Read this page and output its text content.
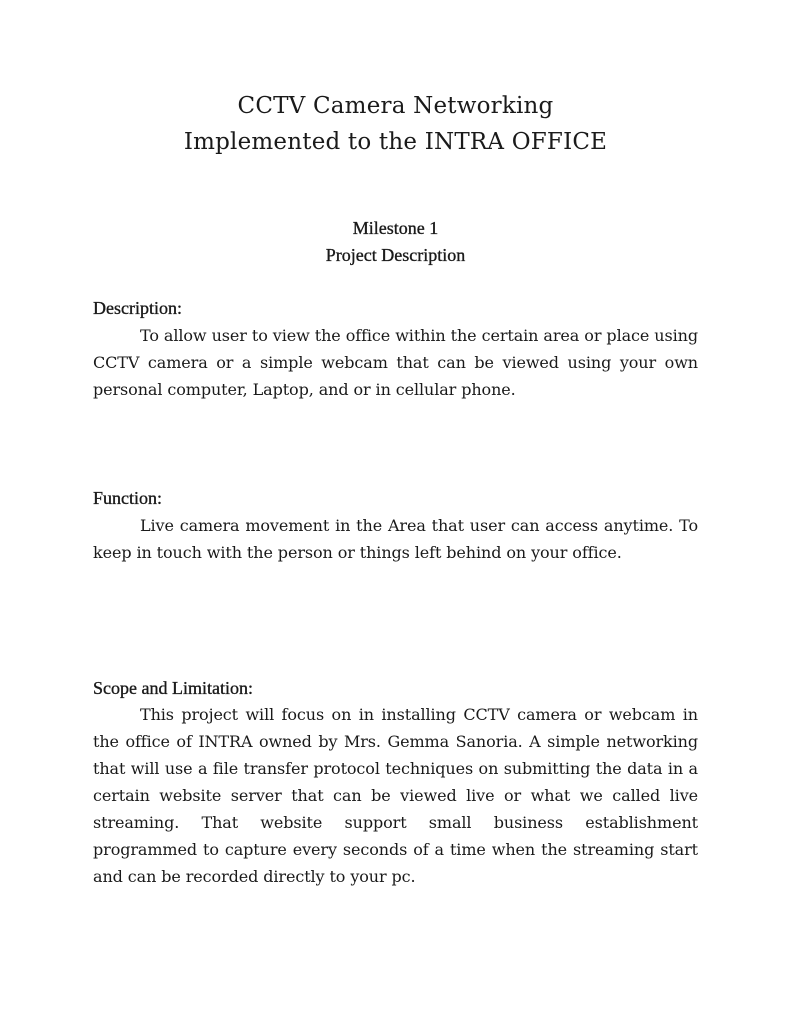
CCTV Camera Networking
Implemented to the INTRA OFFICE
Milestone 1
Project Description
Description:
To allow user to view the office within the certain area or place using CCTV camera or a simple webcam that can be viewed using your own personal computer, Laptop, and or in cellular phone.
Function:
Live camera movement in the Area that user can access anytime. To keep in touch with the person or things left behind on your office.
Scope and Limitation:
This project will focus on in installing CCTV camera or webcam in the office of INTRA owned by Mrs. Gemma Sanoria. A simple networking that will use a file transfer protocol techniques on submitting the data in a certain website server that can be viewed live or what we called live streaming. That website support small business establishment programmed to capture every seconds of a time when the streaming start and can be recorded directly to your pc.
